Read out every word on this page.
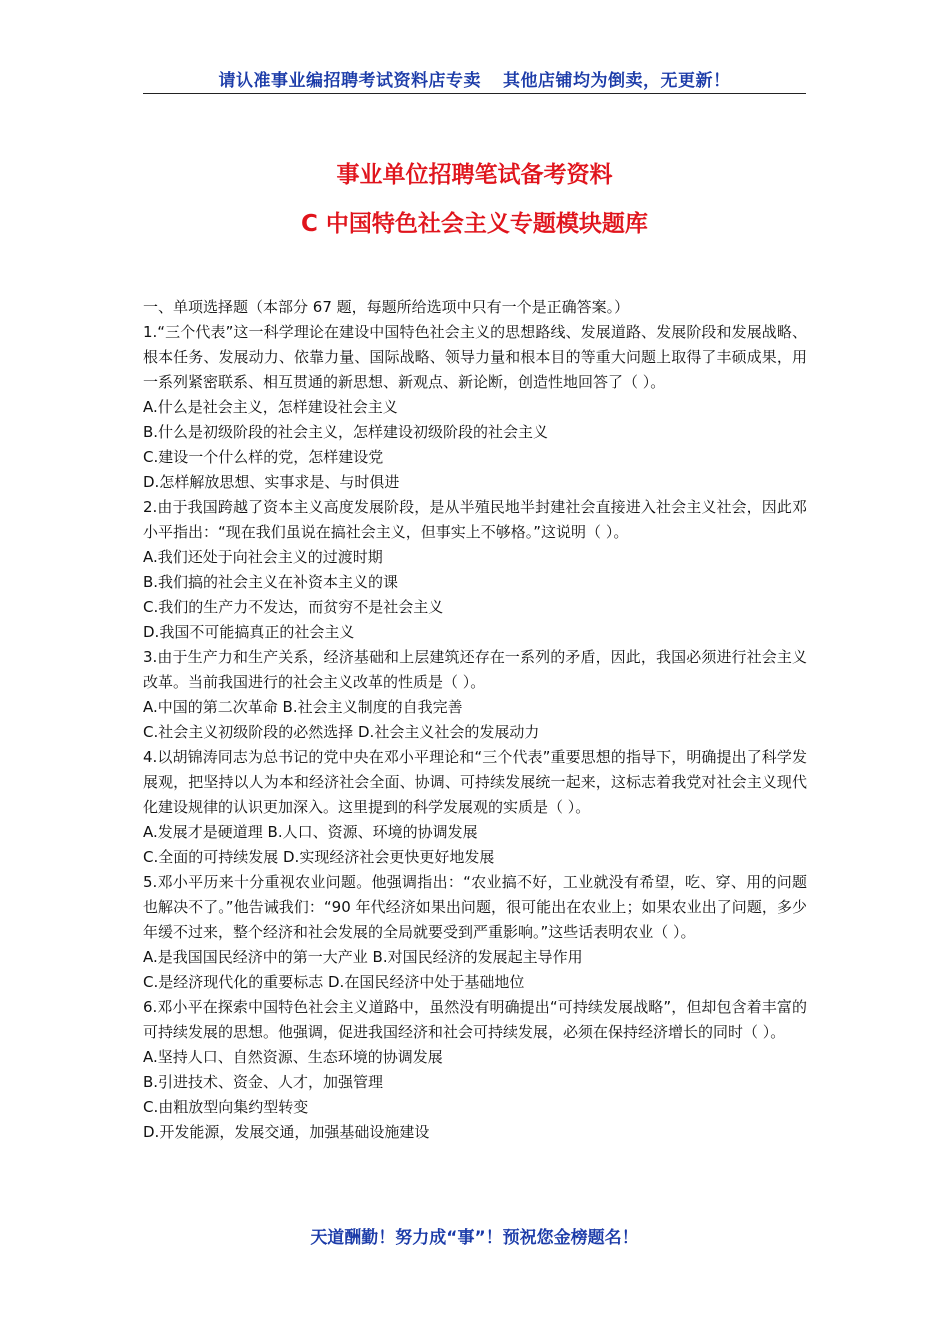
请认准事业编招聘考试资料店专卖 其他店铺均为倒卖，无更新！
事业单位招聘笔试备考资料
C 中国特色社会主义专题模块题库

一、单项选择题（本部分 67 题，每题所给选项中只有一个是正确答案。）

1.“三个代表”这一科学理论在建设中国特色社会主义的思想路线、发展道路、发展阶段和发展战略、根本任务、发展动力、依靠力量、国际战略、领导力量和根本目的等重大问题上取得了丰硕成果，用一系列紧密联系、相互贯通的新思想、新观点、新论断，创造性地回答了（ ）。

A.什么是社会主义，怎样建设社会主义

B.什么是初级阶段的社会主义，怎样建设初级阶段的社会主义

C.建设一个什么样的党，怎样建设党

D.怎样解放思想、实事求是、与时俱进

2.由于我国跨越了资本主义高度发展阶段，是从半殖民地半封建社会直接进入社会主义社会，因此邓小平指出：“现在我们虽说在搞社会主义，但事实上不够格。”这说明（ ）。

A.我们还处于向社会主义的过渡时期

B.我们搞的社会主义在补资本主义的课

C.我们的生产力不发达，而贫穷不是社会主义

D.我国不可能搞真正的社会主义

3.由于生产力和生产关系，经济基础和上层建筑还存在一系列的矛盾，因此，我国必须进行社会主义改革。当前我国进行的社会主义改革的性质是（ ）。

A.中国的第二次革命 B.社会主义制度的自我完善

C.社会主义初级阶段的必然选择 D.社会主义社会的发展动力

4.以胡锦涛同志为总书记的党中央在邓小平理论和“三个代表”重要思想的指导下，明确提出了科学发展观，把坚持以人为本和经济社会全面、协调、可持续发展统一起来，这标志着我党对社会主义现代化建设规律的认识更加深入。这里提到的科学发展观的实质是（ ）。

A.发展才是硬道理 B.人口、资源、环境的协调发展

C.全面的可持续发展 D.实现经济社会更快更好地发展

5.邓小平历来十分重视农业问题。他强调指出：“农业搞不好，工业就没有希望，吃、穿、用的问题也解决不了。”他告诫我们：“90 年代经济如果出问题，很可能出在农业上；如果农业出了问题，多少年缓不过来，整个经济和社会发展的全局就要受到严重影响。”这些话表明农业（ ）。

A.是我国国民经济中的第一大产业 B.对国民经济的发展起主导作用

C.是经济现代化的重要标志 D.在国民经济中处于基础地位

6.邓小平在探索中国特色社会主义道路中，虽然没有明确提出“可持续发展战略”，但却包含着丰富的可持续发展的思想。他强调，促进我国经济和社会可持续发展，必须在保持经济增长的同时（ ）。

A.坚持人口、自然资源、生态环境的协调发展

B.引进技术、资金、人才，加强管理

C.由粗放型向集约型转变

D.开发能源，发展交通，加强基础设施建设

天道酬勤！努力成“事”！预祝您金榜题名！
